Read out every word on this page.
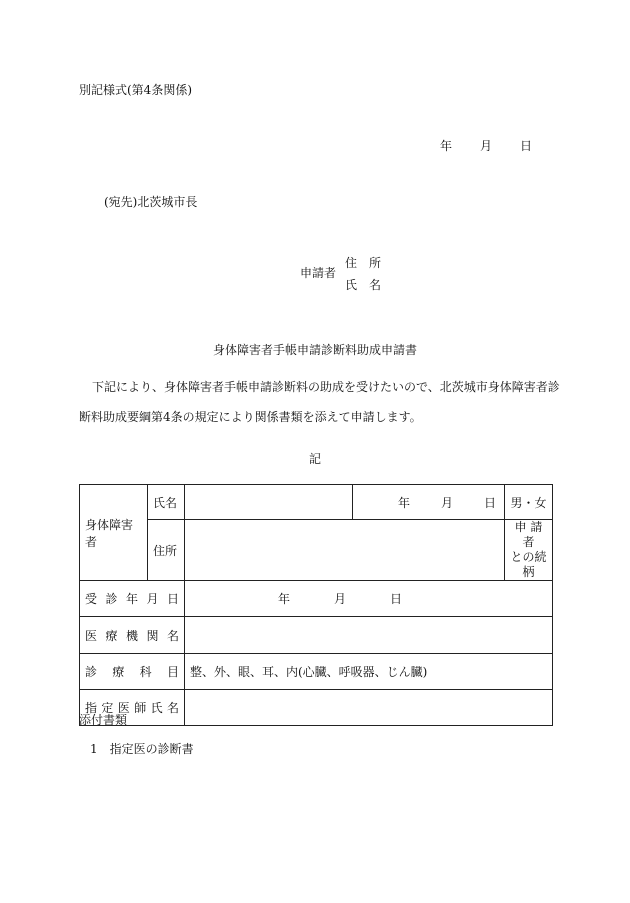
別記様式(第4条関係)
年 月 日
(宛先)北茨城市長
申請者
住　所
氏　名
身体障害者手帳申請診断料助成申請書
下記により、身体障害者手帳申請診断料の助成を受けたいので、北茨城市身体障害者診
断料助成要綱第4条の規定により関係書類を添えて申請します。
記
身体障害者	氏名		年 月 日	男・女	
	住所			申 請 者
との続柄	

受診年月日		年 月 日			
医療機関名					
診療科目		整、外、眼、耳、内(心臓、呼吸器、じん臓)			
指定医師氏名					
添付書類
1 指定医の診断書
